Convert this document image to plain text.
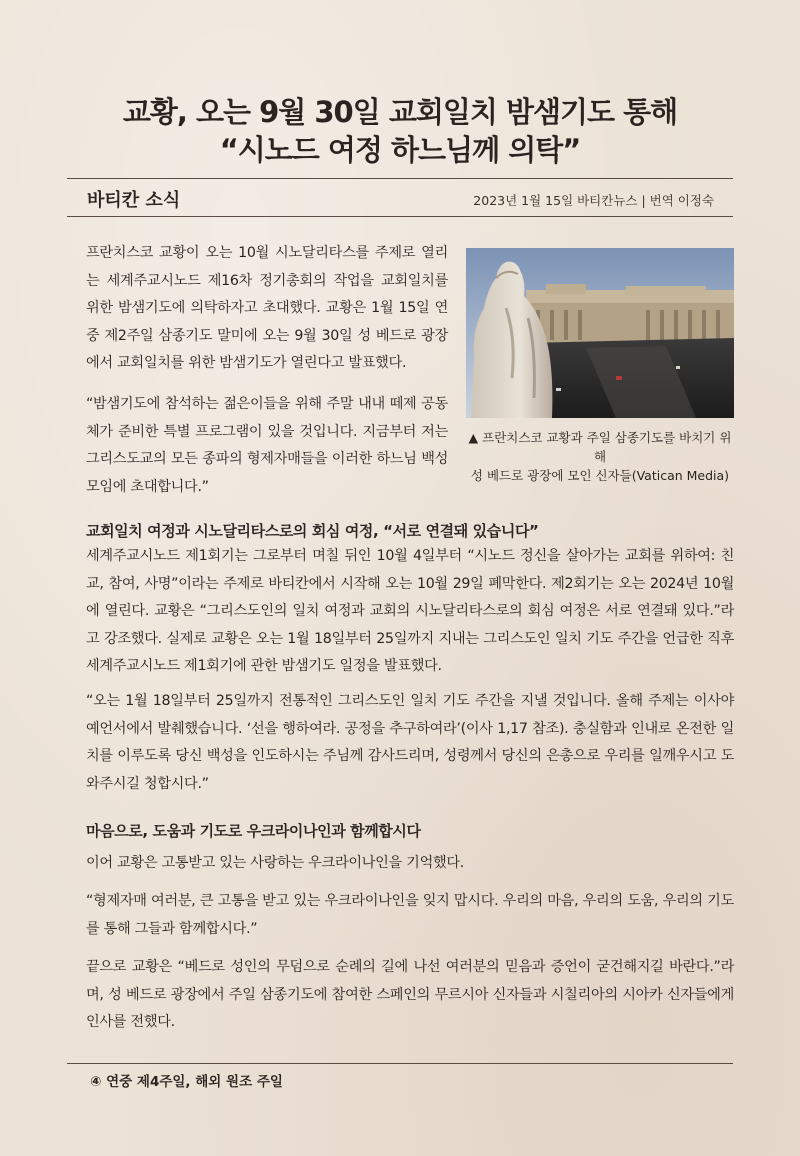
교황, 오는 9월 30일 교회일치 밤샘기도 통해
“시노드 여정 하느님께 의탁”
바티칸 소식	2023년 1월 15일 바티칸뉴스 | 번역 이정숙

프란치스코 교황이 오는 10월 시노달리타스를 주제로 열리는 세계주교시노드 제16차 정기총회의 작업을 교회일치를 위한 밤샘기도에 의탁하자고 초대했다. 교황은 1월 15일 연중 제2주일 삼종기도 말미에 오는 9월 30일 성 베드로 광장에서 교회일치를 위한 밤샘기도가 열린다고 발표했다.

“밤샘기도에 참석하는 젊은이들을 위해 주말 내내 떼제 공동체가 준비한 특별 프로그램이 있을 것입니다. 지금부터 저는 그리스도교의 모든 종파의 형제자매들을 이러한 하느님 백성 모임에 초대합니다.”

▲ 프란치스코 교황과 주일 삼종기도를 바치기 위해
성 베드로 광장에 모인 신자들(Vatican Media)
교회일치 여정과 시노달리타스로의 회심 여정, “서로 연결돼 있습니다”

세계주교시노드 제1회기는 그로부터 며칠 뒤인 10월 4일부터 “시노드 정신을 살아가는 교회를 위하여: 친교, 참여, 사명”이라는 주제로 바티칸에서 시작해 오는 10월 29일 폐막한다. 제2회기는 오는 2024년 10월에 열린다. 교황은 “그리스도인의 일치 여정과 교회의 시노달리타스로의 회심 여정은 서로 연결돼 있다.”라고 강조했다. 실제로 교황은 오는 1월 18일부터 25일까지 지내는 그리스도인 일치 기도 주간을 언급한 직후 세계주교시노드 제1회기에 관한 밤샘기도 일정을 발표했다.

“오는 1월 18일부터 25일까지 전통적인 그리스도인 일치 기도 주간을 지낼 것입니다. 올해 주제는 이사야 예언서에서 발췌했습니다. ‘선을 행하여라. 공정을 추구하여라’(이사 1,17 참조). 충실함과 인내로 온전한 일치를 이루도록 당신 백성을 인도하시는 주님께 감사드리며, 성령께서 당신의 은총으로 우리를 일깨우시고 도와주시길 청합시다.”

마음으로, 도움과 기도로 우크라이나인과 함께합시다

이어 교황은 고통받고 있는 사랑하는 우크라이나인을 기억했다.

“형제자매 여러분, 큰 고통을 받고 있는 우크라이나인을 잊지 맙시다. 우리의 마음, 우리의 도움, 우리의 기도를 통해 그들과 함께합시다.”

끝으로 교황은 “베드로 성인의 무덤으로 순례의 길에 나선 여러분의 믿음과 증언이 굳건해지길 바란다.”라며, 성 베드로 광장에서 주일 삼종기도에 참여한 스페인의 무르시아 신자들과 시칠리아의 시아카 신자들에게 인사를 전했다.

④ 연중 제4주일, 해외 원조 주일
